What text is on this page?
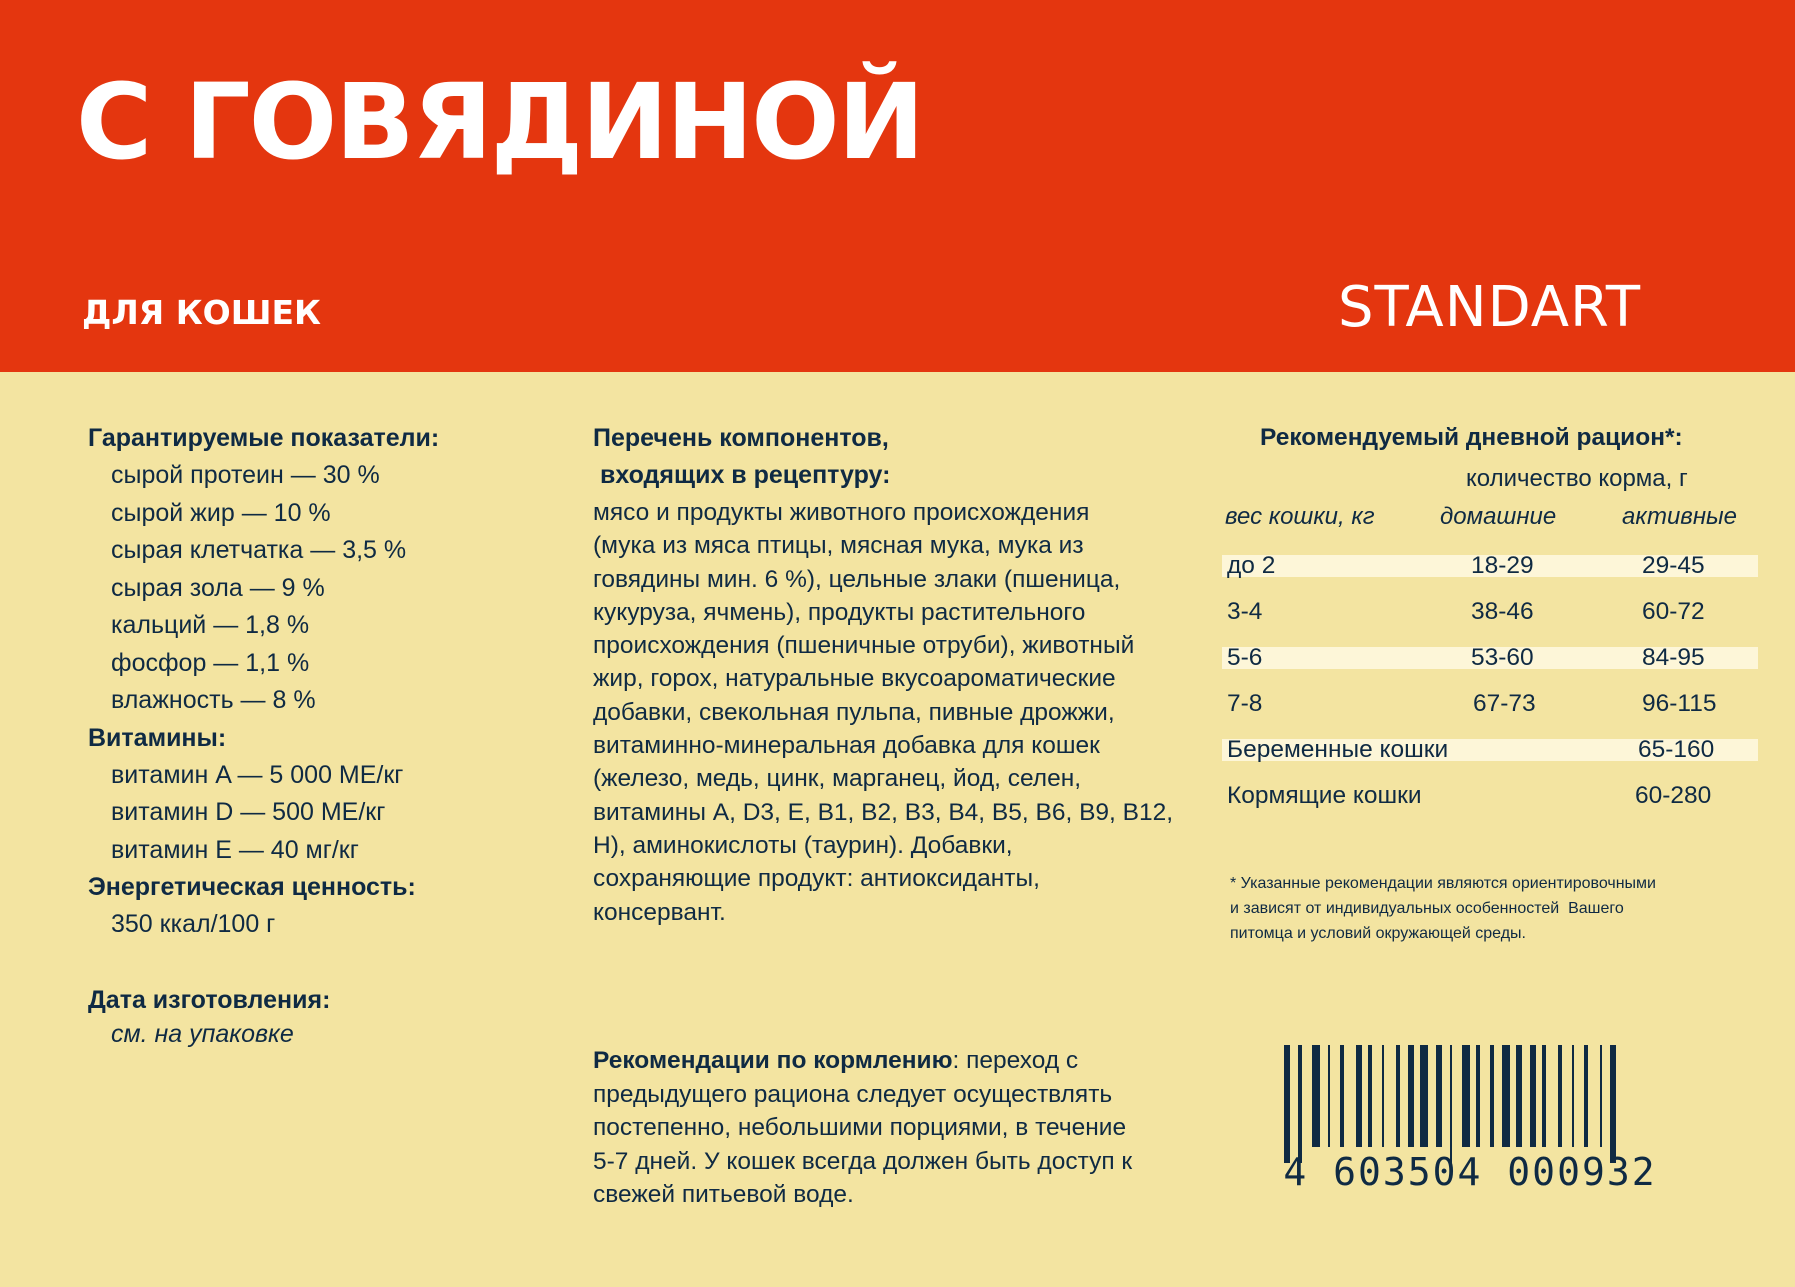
С ГОВЯДИНОЙ
ДЛЯ КОШЕК	STANDART
Гарантируемые показатели:
сырой протеин — 30 %
сырой жир — 10 %
сырая клетчатка — 3,5 %
сырая зола — 9 %
кальций — 1,8 %
фосфор — 1,1 %
влажность — 8 %
Витамины:
витамин A — 5 000 МЕ/кг
витамин D — 500 МЕ/кг
витамин E — 40 мг/кг
Энергетическая ценность:
350 ккал/100 г
Дата изготовления:
см. на упаковке
Перечень компонентов,
входящих в рецептуру:
мясо и продукты животного происхождения
(мука из мяса птицы, мясная мука, мука из
говядины мин. 6 %), цельные злаки (пшеница,
кукуруза, ячмень), продукты растительного
происхождения (пшеничные отруби), животный
жир, горох, натуральные вкусоароматические
добавки, свекольная пульпа, пивные дрожжи,
витаминно-минеральная добавка для кошек
(железо, медь, цинк, марганец, йод, селен,
витамины A, D3, E, B1, B2, B3, B4, B5, B6, B9, B12,
H), аминокислоты (таурин). Добавки,
сохраняющие продукт: антиоксиданты,
консервант.
Рекомендации по кормлению: переход с
предыдущего рациона следует осуществлять
постепенно, небольшими порциями, в течение
5-7 дней. У кошек всегда должен быть доступ к
свежей питьевой воде.
Рекомендуемый дневной рацион*:
количество корма, г
вес кошки, кг	домашние	активные
до 2	18-29	29-45
3-4	38-46	60-72
5-6	53-60	84-95
7-8	67-73	96-115
Беременные кошки	65-160
Кормящие кошки	60-280
* Указанные рекомендации являются ориентировочными
и зависят от индивидуальных особенностей  Вашего
питомца и условий окружающей среды.
4 603504 000932
